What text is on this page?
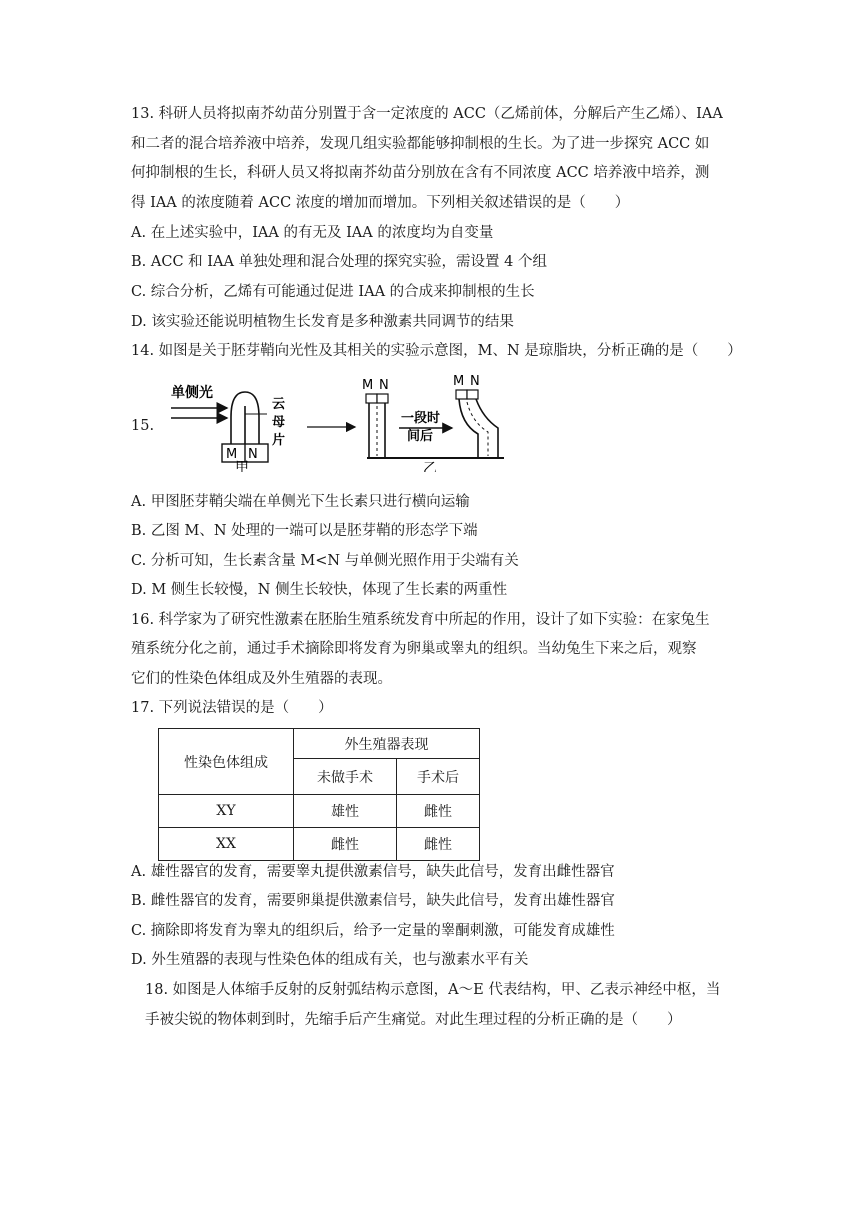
13. 科研人员将拟南芥幼苗分别置于含一定浓度的 ACC（乙烯前体，分解后产生乙烯）、IAA
和二者的混合培养液中培养，发现几组实验都能够抑制根的生长。为了进一步探究 ACC 如
何抑制根的生长，科研人员又将拟南芥幼苗分别放在含有不同浓度 ACC 培养液中培养，测
得 IAA 的浓度随着 ACC 浓度的增加而增加。下列相关叙述错误的是（　　）
A. 在上述实验中，IAA 的有无及 IAA 的浓度均为自变量
B. ACC 和 IAA 单独处理和混合处理的探究实验，需设置 4 个组
C. 综合分析，乙烯有可能通过促进 IAA 的合成来抑制根的生长
D. 该实验还能说明植物生长发育是多种激素共同调节的结果
14. 如图是关于胚芽鞘向光性及其相关的实验示意图，M、N 是琼脂块，分析正确的是（　　）
15.
单侧光
云
母
片
M N
甲
M N
一段时
间后
M N
乙
A. 甲图胚芽鞘尖端在单侧光下生长素只进行横向运输
B. 乙图 M、N 处理的一端可以是胚芽鞘的形态学下端
C. 分析可知，生长素含量 M<N 与单侧光照作用于尖端有关
D. M 侧生长较慢，N 侧生长较快，体现了生长素的两重性
16. 科学家为了研究性激素在胚胎生殖系统发育中所起的作用，设计了如下实验：在家兔生
殖系统分化之前，通过手术摘除即将发育为卵巢或睾丸的组织。当幼兔生下来之后，观察
它们的性染色体组成及外生殖器的表现。
17. 下列说法错误的是（　　）
性染色体组成	外生殖器表现	
	未做手术	手术后
XY	雄性	雌性
XX	雌性	雌性
A. 雄性器官的发育，需要睾丸提供激素信号，缺失此信号，发育出雌性器官
B. 雌性器官的发育，需要卵巢提供激素信号，缺失此信号，发育出雄性器官
C. 摘除即将发育为睾丸的组织后，给予一定量的睾酮刺激，可能发育成雄性
D. 外生殖器的表现与性染色体的组成有关，也与激素水平有关
18. 如图是人体缩手反射的反射弧结构示意图，A～E 代表结构，甲、乙表示神经中枢，当
手被尖锐的物体刺到时，先缩手后产生痛觉。对此生理过程的分析正确的是（　　）
